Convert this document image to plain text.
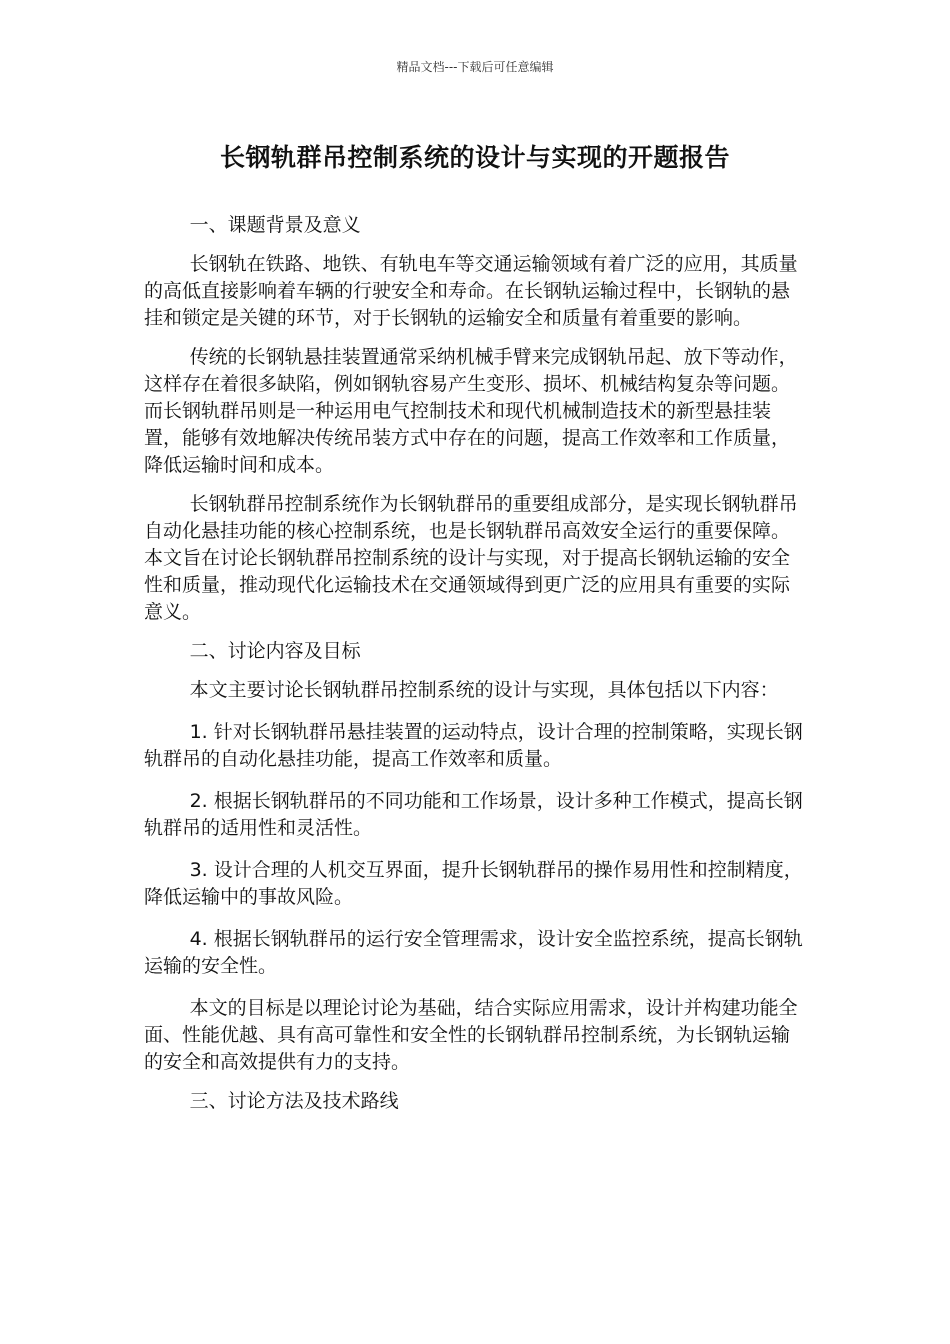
精品文档---下载后可任意编辑
长钢轨群吊控制系统的设计与实现的开题报告

一、课题背景及意义

长钢轨在铁路、地铁、有轨电车等交通运输领域有着广泛的应用，其质量的高低直接影响着车辆的行驶安全和寿命。在长钢轨运输过程中，长钢轨的悬挂和锁定是关键的环节，对于长钢轨的运输安全和质量有着重要的影响。

传统的长钢轨悬挂装置通常采纳机械手臂来完成钢轨吊起、放下等动作，这样存在着很多缺陷，例如钢轨容易产生变形、损坏、机械结构复杂等问题。而长钢轨群吊则是一种运用电气控制技术和现代机械制造技术的新型悬挂装置，能够有效地解决传统吊装方式中存在的问题，提高工作效率和工作质量，降低运输时间和成本。

长钢轨群吊控制系统作为长钢轨群吊的重要组成部分，是实现长钢轨群吊自动化悬挂功能的核心控制系统，也是长钢轨群吊高效安全运行的重要保障。本文旨在讨论长钢轨群吊控制系统的设计与实现，对于提高长钢轨运输的安全性和质量，推动现代化运输技术在交通领域得到更广泛的应用具有重要的实际意义。

二、讨论内容及目标

本文主要讨论长钢轨群吊控制系统的设计与实现，具体包括以下内容：

1. 针对长钢轨群吊悬挂装置的运动特点，设计合理的控制策略，实现长钢轨群吊的自动化悬挂功能，提高工作效率和质量。

2. 根据长钢轨群吊的不同功能和工作场景，设计多种工作模式，提高长钢轨群吊的适用性和灵活性。

3. 设计合理的人机交互界面，提升长钢轨群吊的操作易用性和控制精度，降低运输中的事故风险。

4. 根据长钢轨群吊的运行安全管理需求，设计安全监控系统，提高长钢轨运输的安全性。

本文的目标是以理论讨论为基础，结合实际应用需求，设计并构建功能全面、性能优越、具有高可靠性和安全性的长钢轨群吊控制系统，为长钢轨运输的安全和高效提供有力的支持。

三、讨论方法及技术路线
